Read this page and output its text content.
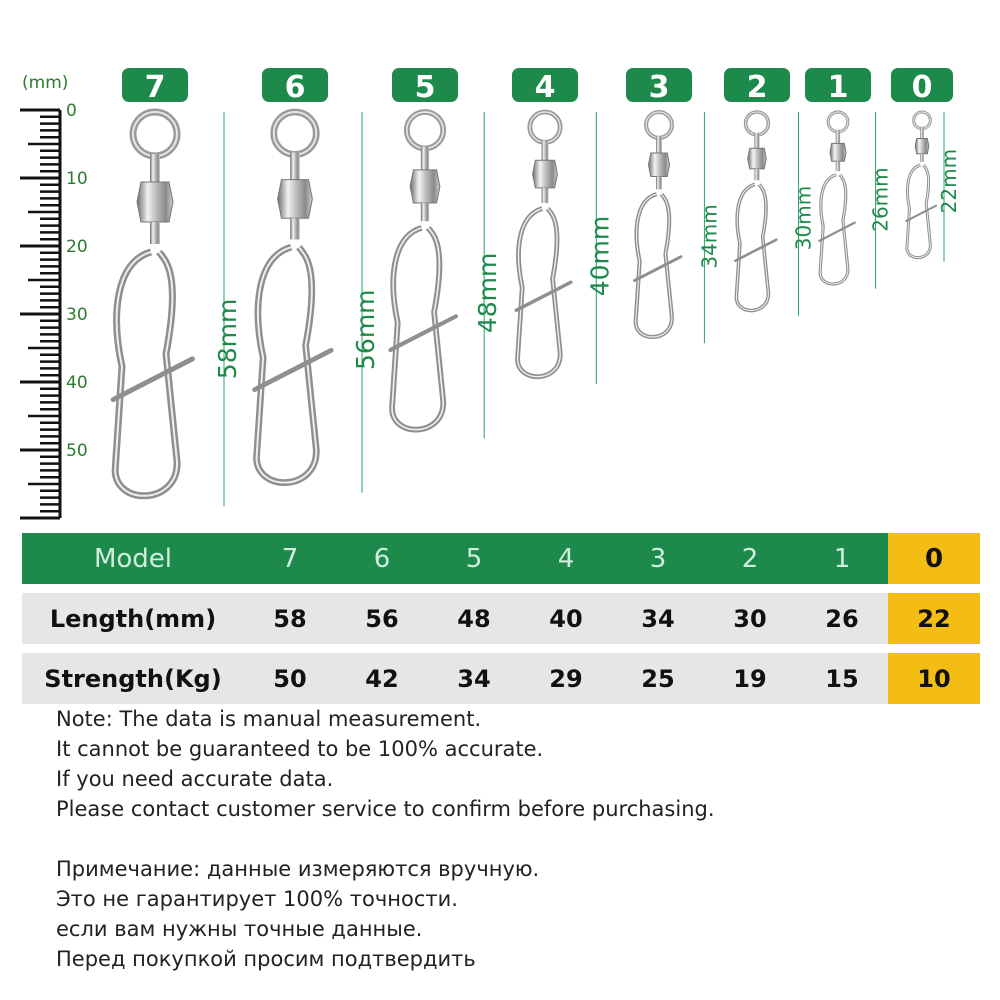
(mm)
0
10
20
30
40
50
7
58mm
6
56mm
5
48mm
4
40mm
3
34mm
2
30mm
1
26mm
0
22mm
Model	7	6	5	4	3	2	1	0
Length(mm)	58	56	48	40	34	30	26	22
Strength(Kg)	50	42	34	29	25	19	15	10

Note: The data is manual measurement.

It cannot be guaranteed to be 100% accurate.

If you need accurate data.

Please contact customer service to confirm before purchasing.

Примечание: данные измеряются вручную.

Это не гарантирует 100% точности.

если вам нужны точные данные.

Перед покупкой просим подтвердить
